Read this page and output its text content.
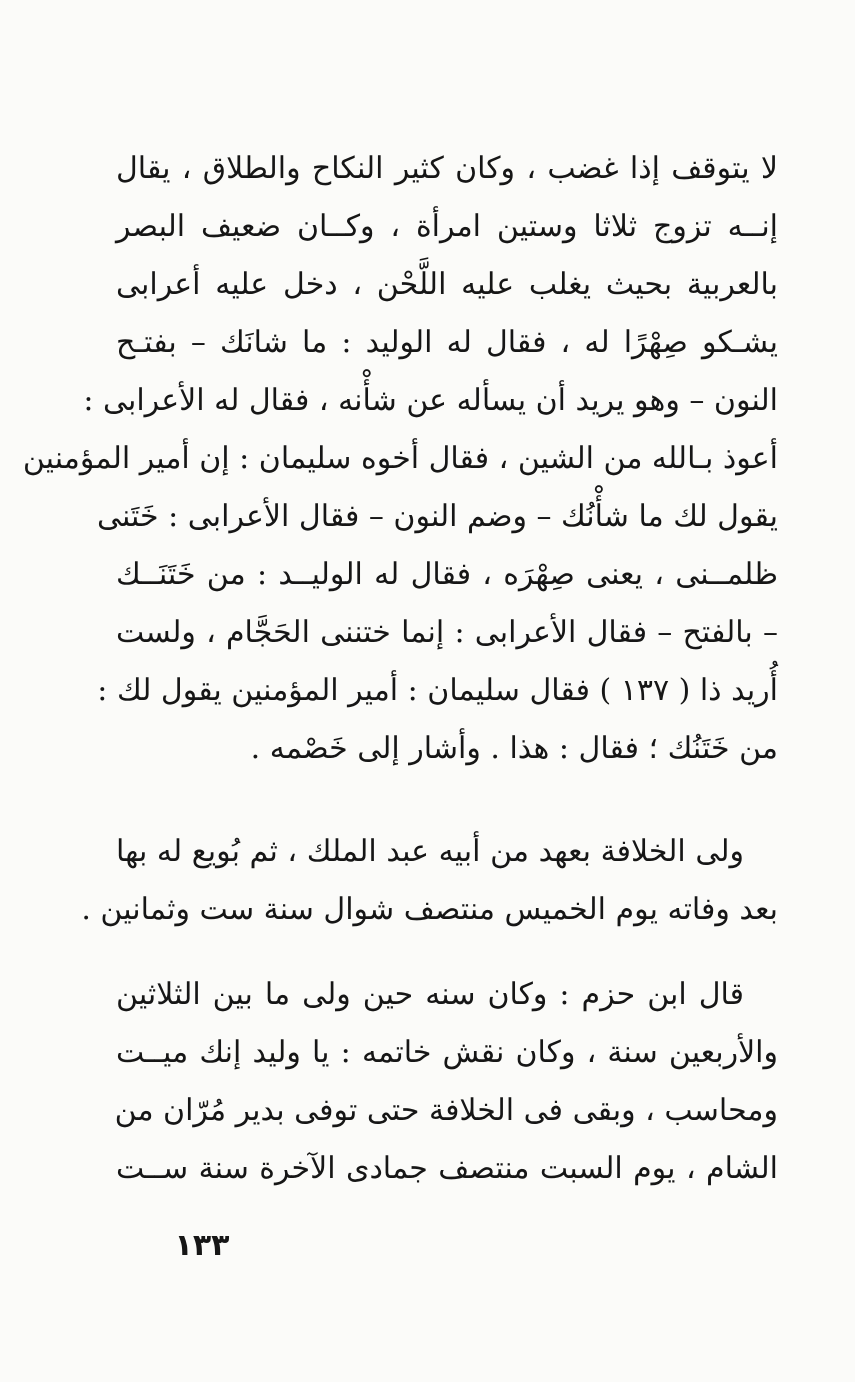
لا يتوقف إذا غضب ، وكان كثير النكاح والطلاق ، يقال
إنــه تزوج ثلاثا وستين امرأة ، وكــان ضعيف البصر
بالعربية بحيث يغلب عليه اللَّحْن ، دخل عليه أعرابى
يشـكو صِهْرًا له ، فقال له الوليد : ما شانَك – بفتـح
النون – وهو يريد أن يسأله عن شأْنه ، فقال له الأعرابى :
أعوذ بـالله من الشين ، فقال أخوه سليمان : إن أمير المؤمنين
يقول لك ما شأْنُك – وضم النون – فقال الأعرابى : خَتَنى
ظلمــنى ، يعنى صِهْرَه ، فقال له الوليــد : من خَتَنَــك
– بالفتح – فقال الأعرابى : إنما ختننى الحَجَّام ، ولست
أُريد ذا ( ١٣٧ ) فقال سليمان : أمير المؤمنين يقول لك :
من خَتَنُك ؛ فقال : هذا . وأشار إلى خَصْمه .
ولى الخلافة بعهد من أبيه عبد الملك ، ثم بُويع له بها
بعد وفاته يوم الخميس منتصف شوال سنة ست وثمانين .
قال ابن حزم : وكان سنه حين ولى ما بين الثلاثين
والأربعين سنة ، وكان نقش خاتمه : يا وليد إنك ميــت
ومحاسب ، وبقى فى الخلافة حتى توفى بدير مُرّان من
الشام ، يوم السبت منتصف جمادى الآخرة سنة ســت
١٣٣
